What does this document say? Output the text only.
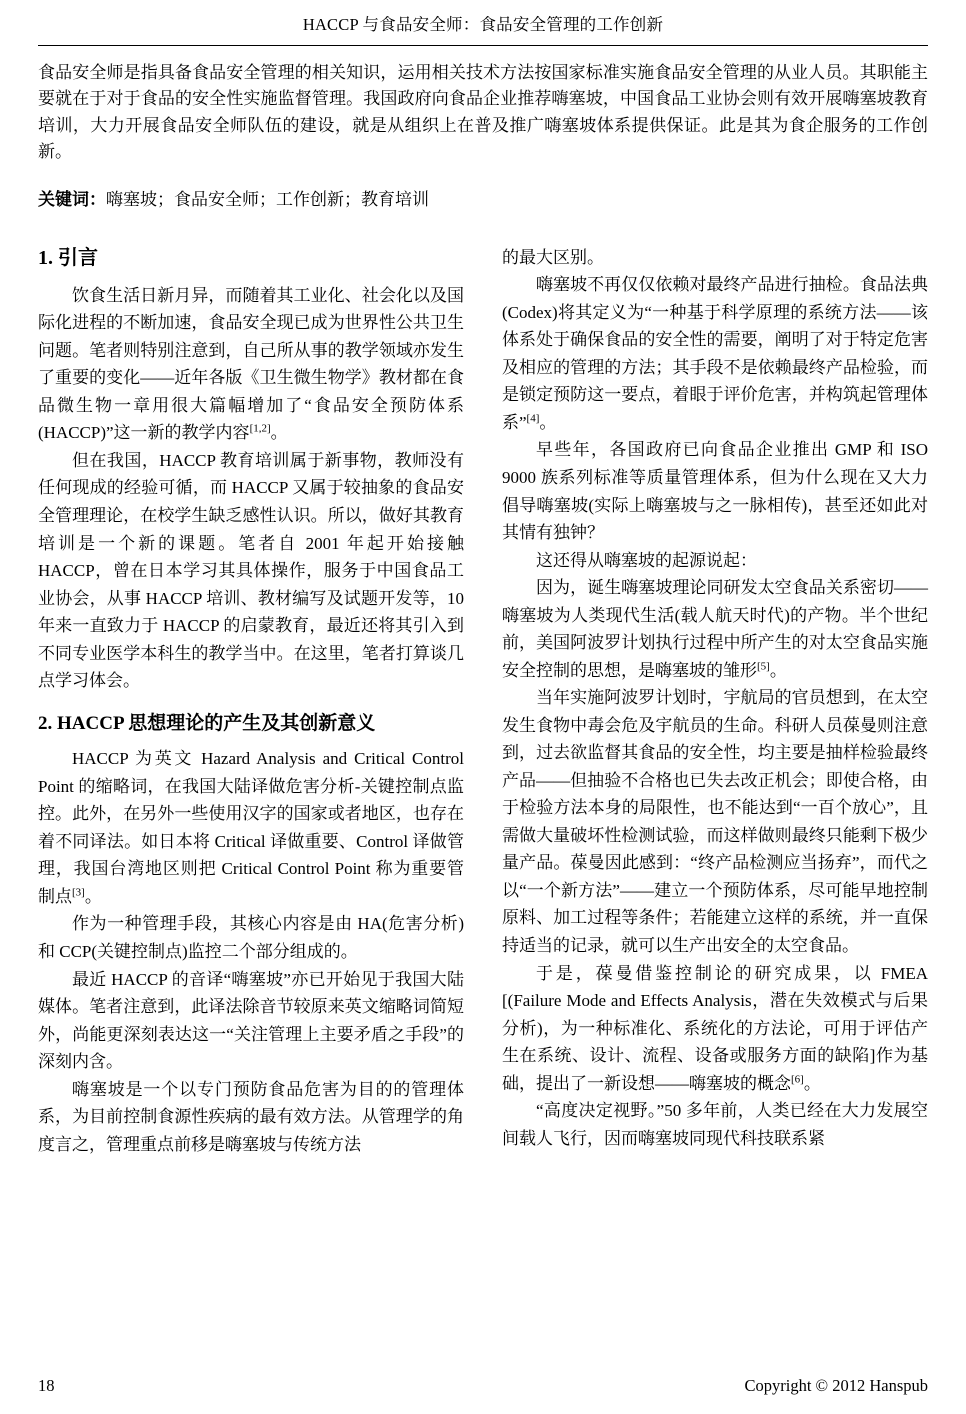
HACCP 与食品安全师：食品安全管理的工作创新

食品安全师是指具备食品安全管理的相关知识，运用相关技术方法按国家标准实施食品安全管理的从业人员。其职能主要就在于对于食品的安全性实施监督管理。我国政府向食品企业推荐嗨塞坡，中国食品工业协会则有效开展嗨塞坡教育培训，大力开展食品安全师队伍的建设，就是从组织上在普及推广嗨塞坡体系提供保证。此是其为食企服务的工作创新。

关键词：嗨塞坡；食品安全师；工作创新；教育培训
1. 引言

饮食生活日新月异，而随着其工业化、社会化以及国际化进程的不断加速，食品安全现已成为世界性公共卫生问题。笔者则特别注意到，自己所从事的教学领域亦发生了重要的变化——近年各版《卫生微生物学》教材都在食品微生物一章用很大篇幅增加了“食品安全预防体系(HACCP)”这一新的教学内容[1,2]。

但在我国，HACCP 教育培训属于新事物，教师没有任何现成的经验可循，而 HACCP 又属于较抽象的食品安全管理理论，在校学生缺乏感性认识。所以，做好其教育培训是一个新的课题。笔者自 2001 年起开始接触 HACCP，曾在日本学习其具体操作，服务于中国食品工业协会，从事 HACCP 培训、教材编写及试题开发等，10 年来一直致力于 HACCP 的启蒙教育，最近还将其引入到不同专业医学本科生的教学当中。在这里，笔者打算谈几点学习体会。

2. HACCP 思想理论的产生及其创新意义

HACCP 为英文 Hazard Analysis and Critical Control Point 的缩略词，在我国大陆译做危害分析‑关键控制点监控。此外，在另外一些使用汉字的国家或者地区，也存在着不同译法。如日本将 Critical 译做重要、Control 译做管理，我国台湾地区则把 Critical Control Point 称为重要管制点[3]。

作为一种管理手段，其核心内容是由 HA(危害分析)和 CCP(关键控制点)监控二个部分组成的。

最近 HACCP 的音译“嗨塞坡”亦已开始见于我国大陆媒体。笔者注意到，此译法除音节较原来英文缩略词简短外，尚能更深刻表达这一“关注管理上主要矛盾之手段”的深刻内含。

嗨塞坡是一个以专门预防食品危害为目的的管理体系，为目前控制食源性疾病的最有效方法。从管理学的角度言之，管理重点前移是嗨塞坡与传统方法

的最大区别。

嗨塞坡不再仅仅依赖对最终产品进行抽检。食品法典(Codex)将其定义为“一种基于科学原理的系统方法——该体系处于确保食品的安全性的需要，阐明了对于特定危害及相应的管理的方法；其手段不是依赖最终产品检验，而是锁定预防这一要点，着眼于评价危害，并构筑起管理体系”[4]。

早些年，各国政府已向食品企业推出 GMP 和 ISO 9000 族系列标准等质量管理体系，但为什么现在又大力倡导嗨塞坡(实际上嗨塞坡与之一脉相传)，甚至还如此对其情有独钟？

这还得从嗨塞坡的起源说起：

因为，诞生嗨塞坡理论同研发太空食品关系密切——嗨塞坡为人类现代生活(载人航天时代)的产物。半个世纪前，美国阿波罗计划执行过程中所产生的对太空食品实施安全控制的思想，是嗨塞坡的雏形[5]。

当年实施阿波罗计划时，宇航局的官员想到，在太空发生食物中毒会危及宇航员的生命。科研人员葆曼则注意到，过去欲监督其食品的安全性，均主要是抽样检验最终产品——但抽验不合格也已失去改正机会；即使合格，由于检验方法本身的局限性，也不能达到“一百个放心”，且需做大量破坏性检测试验，而这样做则最终只能剩下极少量产品。葆曼因此感到：“终产品检测应当扬弃”，而代之以“一个新方法”——建立一个预防体系，尽可能早地控制原料、加工过程等条件；若能建立这样的系统，并一直保持适当的记录，就可以生产出安全的太空食品。

于是，葆曼借鉴控制论的研究成果，以 FMEA [(Failure Mode and Effects Analysis，潜在失效模式与后果分析)，为一种标准化、系统化的方法论，可用于评估产生在系统、设计、流程、设备或服务方面的缺陷]作为基础，提出了一新设想——嗨塞坡的概念[6]。

“高度决定视野。”50 多年前，人类已经在大力发展空间载人飞行，因而嗨塞坡同现代科技联系紧

18	Copyright © 2012 Hanspub
